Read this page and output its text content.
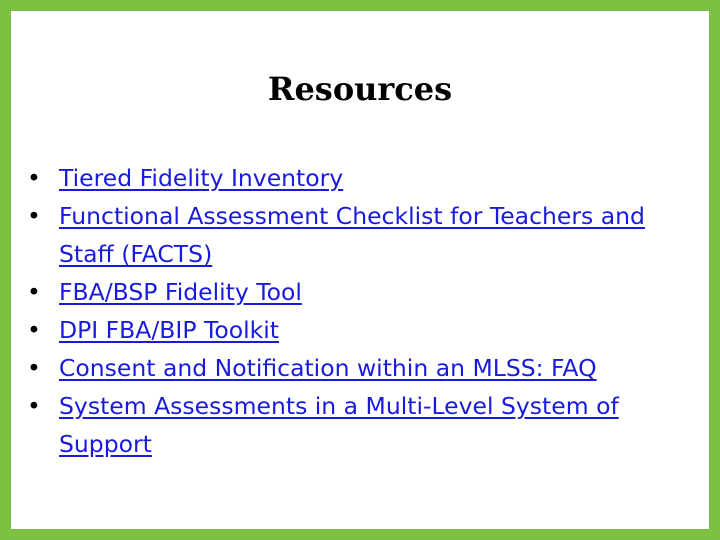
Resources
• Tiered Fidelity Inventory
• Functional Assessment Checklist for Teachers and Staff (FACTS)
• FBA/BSP Fidelity Tool
• DPI FBA/BIP Toolkit
• Consent and Notification within an MLSS: FAQ
• System Assessments in a Multi-Level System of Support
